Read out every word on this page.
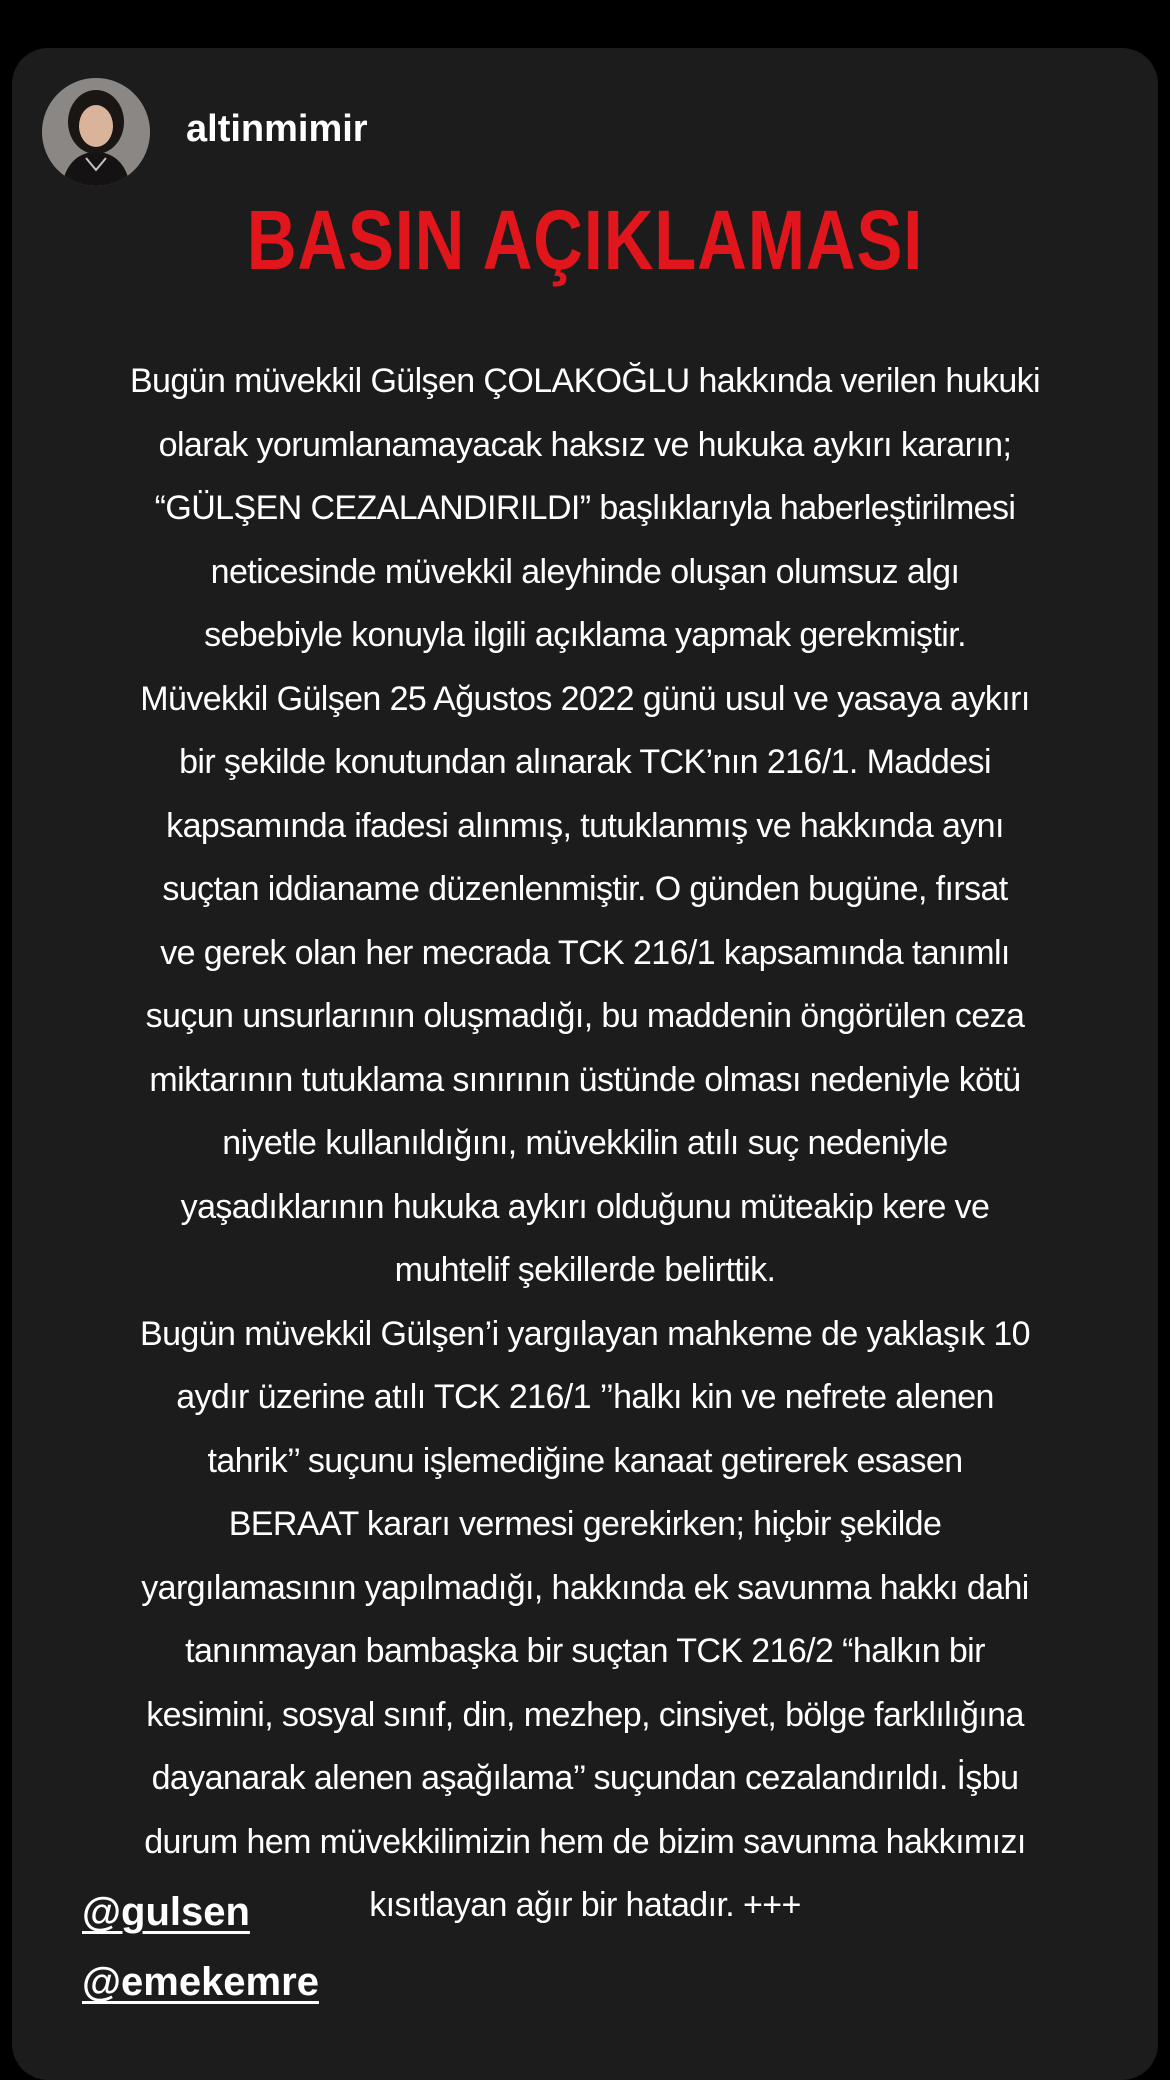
altinmimir
BASIN AÇIKLAMASI
Bugün müvekkil Gülşen ÇOLAKOĞLU hakkında verilen hukuki
olarak yorumlanamayacak haksız ve hukuka aykırı kararın;
“GÜLŞEN CEZALANDIRILDI” başlıklarıyla haberleştirilmesi
neticesinde müvekkil aleyhinde oluşan olumsuz algı
sebebiyle konuyla ilgili açıklama yapmak gerekmiştir.
Müvekkil Gülşen 25 Ağustos 2022 günü usul ve yasaya aykırı
bir şekilde konutundan alınarak TCK’nın 216/1. Maddesi
kapsamında ifadesi alınmış, tutuklanmış ve hakkında aynı
suçtan iddianame düzenlenmiştir. O günden bugüne, fırsat
ve gerek olan her mecrada TCK 216/1 kapsamında tanımlı
suçun unsurlarının oluşmadığı, bu maddenin öngörülen ceza
miktarının tutuklama sınırının üstünde olması nedeniyle kötü
niyetle kullanıldığını, müvekkilin atılı suç nedeniyle
yaşadıklarının hukuka aykırı olduğunu müteakip kere ve
muhtelif şekillerde belirttik.
Bugün müvekkil Gülşen’i yargılayan mahkeme de yaklaşık 10
aydır üzerine atılı TCK 216/1 ’’halkı kin ve nefrete alenen
tahrik’’ suçunu işlemediğine kanaat getirerek esasen
BERAAT kararı vermesi gerekirken; hiçbir şekilde
yargılamasının yapılmadığı, hakkında ek savunma hakkı dahi
tanınmayan bambaşka bir suçtan TCK 216/2 “halkın bir
kesimini, sosyal sınıf, din, mezhep, cinsiyet, bölge farklılığına
dayanarak alenen aşağılama’’ suçundan cezalandırıldı. İşbu
durum hem müvekkilimizin hem de bizim savunma hakkımızı
kısıtlayan ağır bir hatadır. +++
@gulsen
@emekemre
